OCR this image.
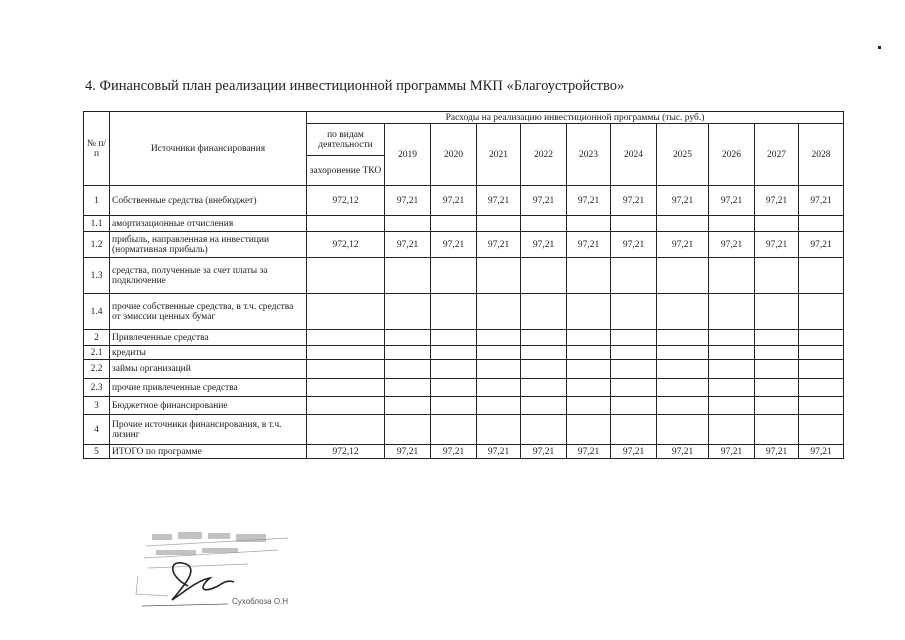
4. Финансовый план реализации инвестиционной программы МКП «Благоустройство»
№ п/п	Источники финансирования	Расходы на реализацию инвестиционной программы (тыс. руб.)										
		по видам деятельности	2019	2020	2021	2022	2023	2024	2025	2026	2027	2028
		захоронение ТКО										
1	Собственные средства (внебюджет)	972,12	97,21	97,21	97,21	97,21	97,21	97,21	97,21	97,21	97,21	97,21
1.1	амортизационные отчисления											
1.2	прибыль, направленная на инвестиции (нормативная прибыль)	972,12	97,21	97,21	97,21	97,21	97,21	97,21	97,21	97,21	97,21	97,21
1.3	средства, полученные за счет платы за подключение											
1.4	прочие собственные средства, в т.ч. средства от эмиссии ценных бумаг											
2	Привлеченные средства											
2.1	кредиты											
2.2	займы организаций											
2.3	прочие привлеченные средства											
3	Бюджетное финансирование											
4	Прочие источники финансирования, в т.ч. лизинг											
5	ИТОГО по программе	972,12	97,21	97,21	97,21	97,21	97,21	97,21	97,21	97,21	97,21	97,21
Сухоблоза О.Н
